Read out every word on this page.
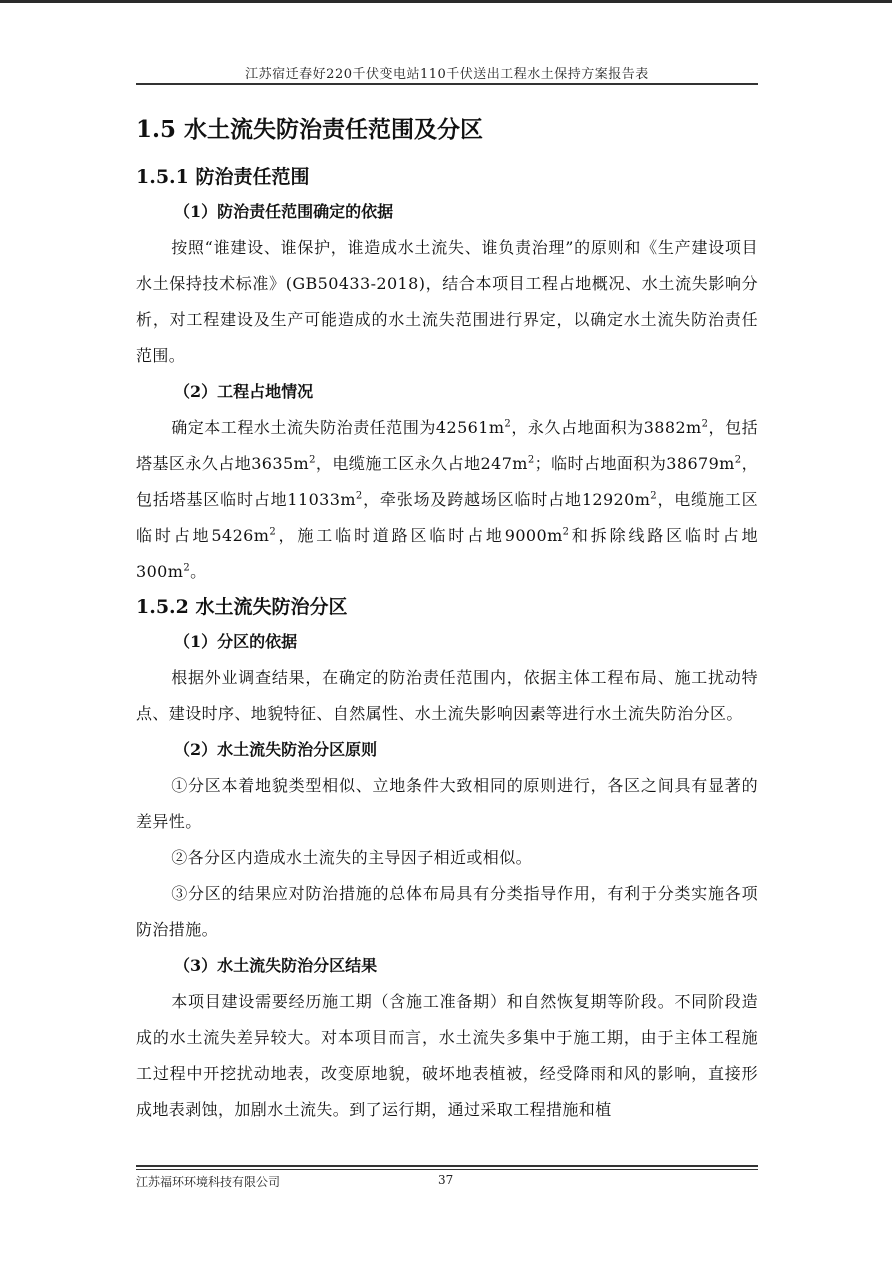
江苏宿迁春好220千伏变电站110千伏送出工程水土保持方案报告表
1.5 水土流失防治责任范围及分区
1.5.1 防治责任范围
（1）防治责任范围确定的依据

按照“谁建设、谁保护，谁造成水土流失、谁负责治理”的原则和《生产建设项目水土保持技术标准》(GB50433-2018)，结合本项目工程占地概况、水土流失影响分析，对工程建设及生产可能造成的水土流失范围进行界定，以确定水土流失防治责任范围。

（2）工程占地情况

确定本工程水土流失防治责任范围为$42561m^2$，永久占地面积为$3882m^2$，包括塔基区永久占地$3635m^2$，电缆施工区永久占地$247m^2$；临时占地面积为$38679m^2$，包括塔基区临时占地$11033m^2$，牵张场及跨越场区临时占地$12920m^2$，电缆施工区临时占地$5426m^2$，施工临时道路区临时占地$9000m^2$和拆除线路区临时占地$300m^2$。

1.5.2 水土流失防治分区
（1）分区的依据

根据外业调查结果，在确定的防治责任范围内，依据主体工程布局、施工扰动特点、建设时序、地貌特征、自然属性、水土流失影响因素等进行水土流失防治分区。

（2）水土流失防治分区原则

①分区本着地貌类型相似、立地条件大致相同的原则进行，各区之间具有显著的差异性。

②各分区内造成水土流失的主导因子相近或相似。

③分区的结果应对防治措施的总体布局具有分类指导作用，有利于分类实施各项防治措施。

（3）水土流失防治分区结果

本项目建设需要经历施工期（含施工准备期）和自然恢复期等阶段。不同阶段造成的水土流失差异较大。对本项目而言，水土流失多集中于施工期，由于主体工程施工过程中开挖扰动地表，改变原地貌，破坏地表植被，经受降雨和风的影响，直接形成地表剥蚀，加剧水土流失。到了运行期，通过采取工程措施和植

江苏福环环境科技有限公司	37
